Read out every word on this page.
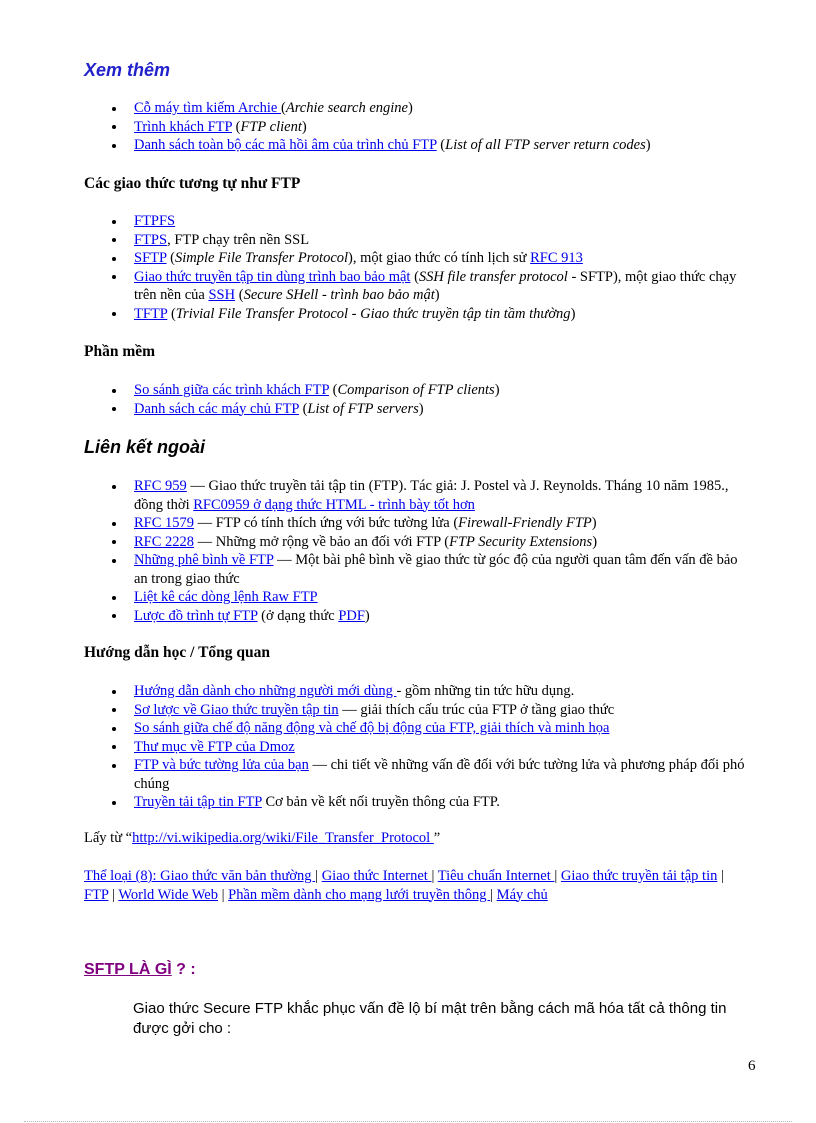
Xem thêm
Cỗ máy tìm kiếm Archie (Archie search engine)
Trình khách FTP (FTP client)
Danh sách toàn bộ các mã hồi âm của trình chủ FTP (List of all FTP server return codes)
Các giao thức tương tự như FTP
FTPFS
FTPS, FTP chạy trên nền SSL
SFTP (Simple File Transfer Protocol), một giao thức có tính lịch sử RFC 913
Giao thức truyền tập tin dùng trình bao bảo mật (SSH file transfer protocol - SFTP), một giao thức chạy trên nền của SSH (Secure SHell - trình bao bảo mật)
TFTP (Trivial File Transfer Protocol - Giao thức truyền tập tin tầm thường)
Phần mềm
So sánh giữa các trình khách FTP (Comparison of FTP clients)
Danh sách các máy chủ FTP (List of FTP servers)
Liên kết ngoài
RFC 959 — Giao thức truyền tải tập tin (FTP). Tác giả: J. Postel và J. Reynolds. Tháng 10 năm 1985., đồng thời RFC0959 ở dạng thức HTML - trình bày tốt hơn
RFC 1579 — FTP có tính thích ứng với bức tường lửa (Firewall-Friendly FTP)
RFC 2228 — Những mở rộng về bảo an đối với FTP (FTP Security Extensions)
Những phê bình về FTP — Một bài phê bình về giao thức từ góc độ của người quan tâm đến vấn đề bảo an trong giao thức
Liệt kê các dòng lệnh Raw FTP
Lược đồ trình tự FTP (ở dạng thức PDF)
Hướng dẫn học / Tổng quan
Hướng dẫn dành cho những người mới dùng - gồm những tin tức hữu dụng.
Sơ lược về Giao thức truyền tập tin — giải thích cấu trúc của FTP ở tầng giao thức
So sánh giữa chế độ năng động và chế độ bị động của FTP, giải thích và minh họa
Thư mục về FTP của Dmoz
FTP và bức tường lửa của bạn — chi tiết về những vấn đề đối với bức tường lửa và phương pháp đối phó chúng
Truyền tải tập tin FTP Cơ bản về kết nối truyền thông của FTP.

Lấy từ “http://vi.wikipedia.org/wiki/File_Transfer_Protocol ”

Thể loại (8): Giao thức văn bản thường | Giao thức Internet | Tiêu chuẩn Internet | Giao thức truyền tải tập tin | FTP | World Wide Web | Phần mềm dành cho mạng lưới truyền thông | Máy chủ

SFTP LÀ GÌ ? :

Giao thức Secure FTP khắc phục vấn đề lộ bí mật trên bằng cách mã hóa tất cả thông tin được gởi cho :

6
